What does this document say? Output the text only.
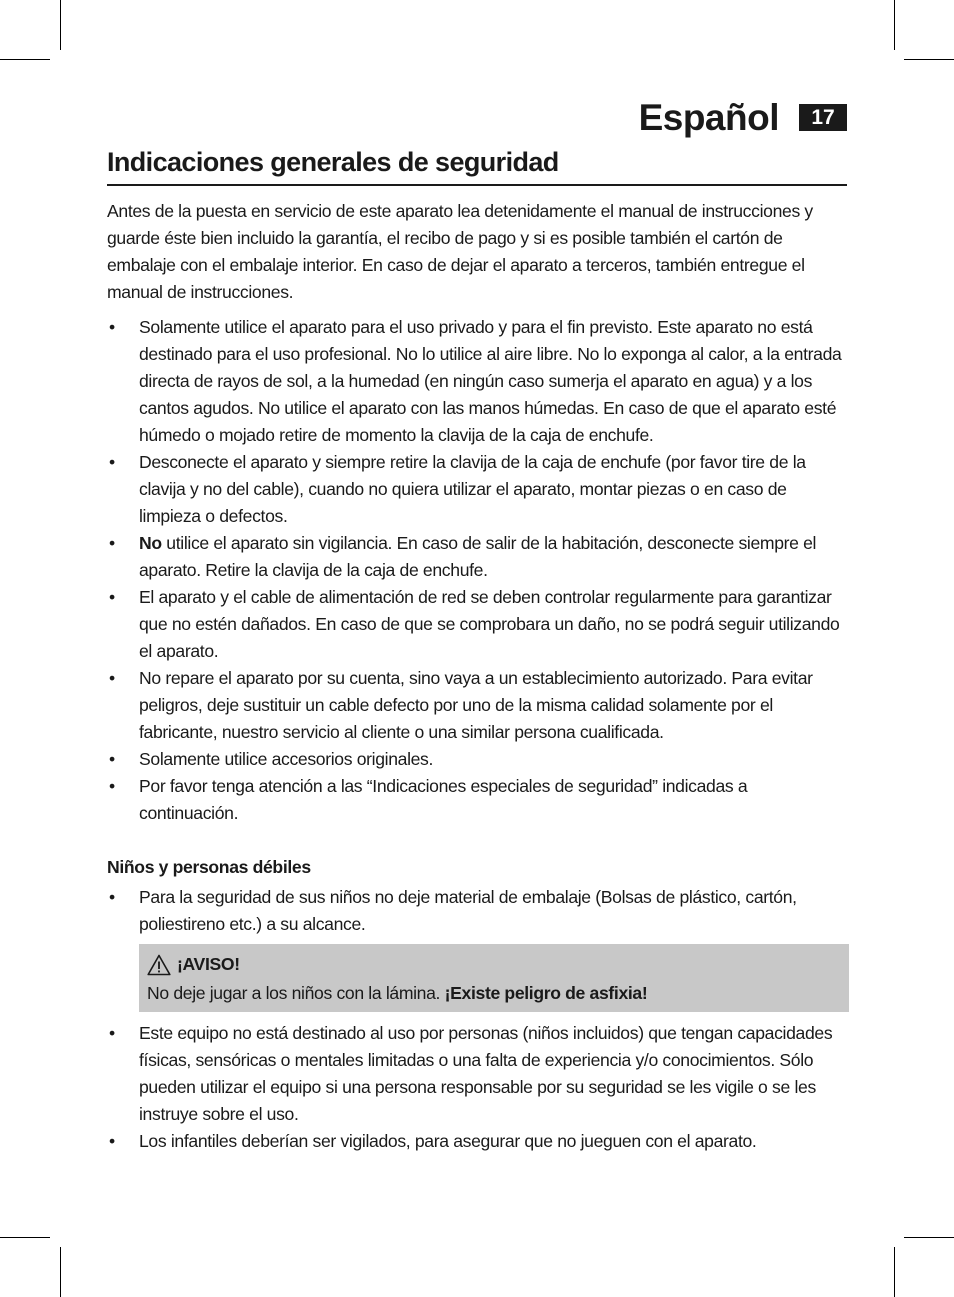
Español	17
Indicaciones generales de seguridad

Antes de la puesta en servicio de este aparato lea detenidamente el manual de instrucciones y guarde éste bien incluido la garantía, el recibo de pago y si es posible también el cartón de embalaje con el embalaje interior. En caso de dejar el aparato a terceros, también entregue el manual de instrucciones.

• Solamente utilice el aparato para el uso privado y para el fin previsto. Este aparato no está destinado para el uso profesional. No lo utilice al aire libre. No lo exponga al calor, a la entrada directa de rayos de sol, a la humedad (en ningún caso sumerja el aparato en agua) y a los cantos agudos. No utilice el aparato con las manos húmedas. En caso de que el aparato esté húmedo o mojado retire de momento la clavija de la caja de enchufe.
• Desconecte el aparato y siempre retire la clavija de la caja de enchufe (por favor tire de la clavija y no del cable), cuando no quiera utilizar el aparato, montar piezas o en caso de limpieza o defectos.
• No utilice el aparato sin vigilancia. En caso de salir de la habitación, desconecte siempre el aparato. Retire la clavija de la caja de enchufe.
• El aparato y el cable de alimentación de red se deben controlar regularmente para garantizar que no estén dañados. En caso de que se comprobara un daño, no se podrá seguir utilizando el aparato.
• No repare el aparato por su cuenta, sino vaya a un establecimiento autorizado. Para evitar peligros, deje sustituir un cable defecto por uno de la misma calidad solamente por el fabricante, nuestro servicio al cliente o una similar persona cualificada.
• Solamente utilice accesorios originales.
• Por favor tenga atención a las “Indicaciones especiales de seguridad” indicadas a continuación.
Niños y personas débiles
• Para la seguridad de sus niños no deje material de embalaje (Bolsas de plástico, cartón, poliestireno etc.) a su alcance.
¡AVISO!
No deje jugar a los niños con la lámina. ¡Existe peligro de asfixia!
• Este equipo no está destinado al uso por personas (niños incluidos) que tengan capacidades físicas, sensóricas o mentales limitadas o una falta de experiencia y/o conocimientos. Sólo pueden utilizar el equipo si una persona responsable por su seguridad se les vigile o se les instruye sobre el uso.
• Los infantiles deberían ser vigilados, para asegurar que no jueguen con el aparato.
